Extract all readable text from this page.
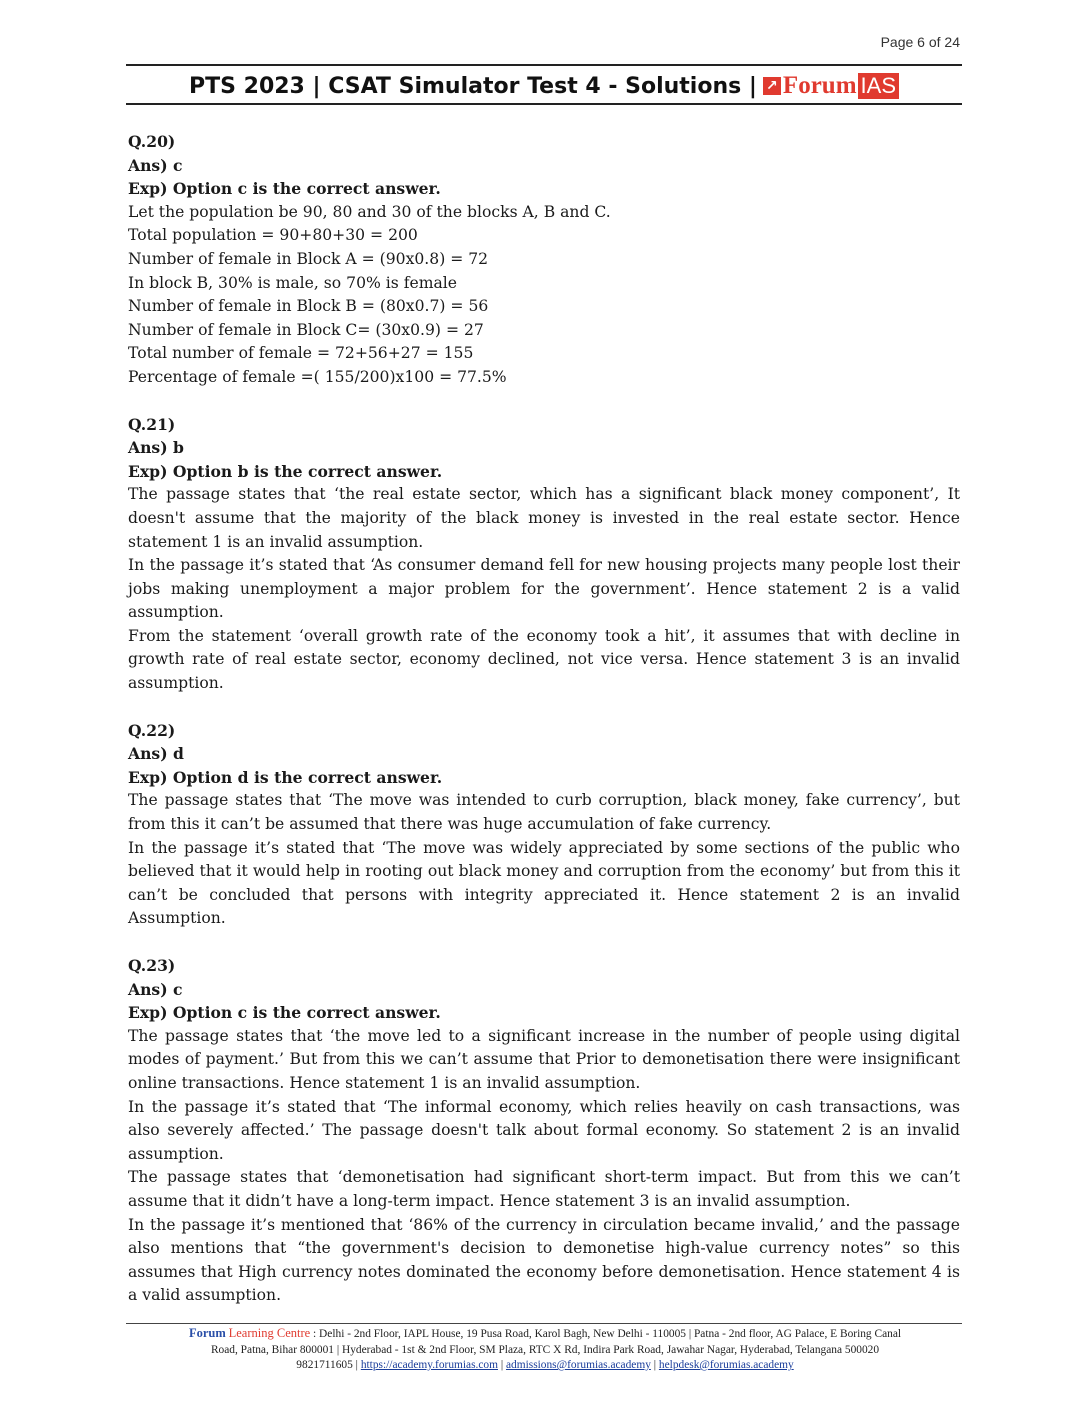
Page 6 of 24
PTS 2023 | CSAT Simulator Test 4 - Solutions | ↗ Forum IAS
Q.20)
Ans) c
Exp) Option c is the correct answer.

Let the population be 90, 80 and 30 of the blocks A, B and C.

Total population = 90+80+30 = 200

Number of female in Block A = (90x0.8) = 72

In block B, 30% is male, so 70% is female

Number of female in Block B = (80x0.7) = 56

Number of female in Block C= (30x0.9) = 27

Total number of female = 72+56+27 = 155

Percentage of female =( 155/200)x100 = 77.5%

Q.21)
Ans) b
Exp) Option b is the correct answer.

The passage states that ‘the real estate sector, which has a significant black money component’, It doesn't assume that the majority of the black money is invested in the real estate sector. Hence statement 1 is an invalid assumption.

In the passage it’s stated that ‘As consumer demand fell for new housing projects many people lost their jobs making unemployment a major problem for the government’. Hence statement 2 is a valid assumption.

From the statement ‘overall growth rate of the economy took a hit’, it assumes that with decline in growth rate of real estate sector, economy declined, not vice versa. Hence statement 3 is an invalid assumption.

Q.22)
Ans) d
Exp) Option d is the correct answer.

The passage states that ‘The move was intended to curb corruption, black money, fake currency’, but from this it can’t be assumed that there was huge accumulation of fake currency.

In the passage it’s stated that ‘The move was widely appreciated by some sections of the public who believed that it would help in rooting out black money and corruption from the economy’ but from this it can’t be concluded that persons with integrity appreciated it. Hence statement 2 is an invalid Assumption.

Q.23)
Ans) c
Exp) Option c is the correct answer.

The passage states that ‘the move led to a significant increase in the number of people using digital modes of payment.’ But from this we can’t assume that Prior to demonetisation there were insignificant online transactions. Hence statement 1 is an invalid assumption.

In the passage it’s stated that ‘The informal economy, which relies heavily on cash transactions, was also severely affected.’ The passage doesn't talk about formal economy. So statement 2 is an invalid assumption.

The passage states that ‘demonetisation had significant short-term impact. But from this we can’t assume that it didn’t have a long-term impact. Hence statement 3 is an invalid assumption.

In the passage it’s mentioned that ‘86% of the currency in circulation became invalid,’ and the passage also mentions that “the government's decision to demonetise high-value currency notes” so this assumes that High currency notes dominated the economy before demonetisation. Hence statement 4 is a valid assumption.

Forum Learning Centre : Delhi - 2nd Floor, IAPL House, 19 Pusa Road, Karol Bagh, New Delhi - 110005 | Patna - 2nd floor, AG Palace, E Boring Canal
Road, Patna, Bihar 800001 | Hyderabad - 1st & 2nd Floor, SM Plaza, RTC X Rd, Indira Park Road, Jawahar Nagar, Hyderabad, Telangana 500020
9821711605 | https://academy.forumias.com | admissions@forumias.academy | helpdesk@forumias.academy
